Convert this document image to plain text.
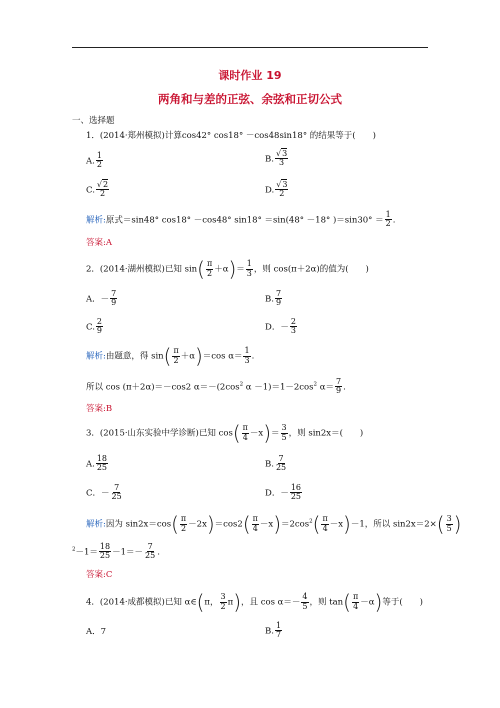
课时作业 19
两角和与差的正弦、余弦和正切公式
一、选择题
1．(2014·郑州模拟)计算cos42° cos18° －cos48sin18° 的结果等于(　　)
A. $\frac{1}{2}$	B. $\frac{√3}{3}$
C. $\frac{√2}{2}$	D. $\frac{√3}{2}$
解析:原式＝sin48° cos18° －cos48° sin18° ＝sin(48° －18° )$=\sin 30^\circ = \frac{1}{2}$ .
答案:A
2．(2014·湖州模拟)已知 $\sin( \frac{\pi}{2} +\alpha)= \frac{1}{3}$ ，则 cos(π＋2α)的值为(　　)
A．－ $\frac{7}{9}$	B. $\frac{7}{9}$
C. $\frac{2}{9}$	D．－ $\frac{2}{3}$
解析:由题意，得 $\sin( \frac{\pi}{2} +\alpha)=\cos$ $\alpha= \frac{1}{3}$ .
所以 cos (π＋2α)＝－cos2 $\alpha=-(2\cos^2$ $\alpha -1)=1-2\cos^2$ $\alpha= \frac{7}{9}$ .
答案:B
3．(2015·山东实验中学诊断)已知 $\cos( \frac{\pi}{4} -x)= \frac{3}{5}$ ，则 sin2x＝(　　)
A. $\frac{18}{25}$	B. $\frac{7}{25}$
C．－ $\frac{7}{25}$	D．－ $\frac{16}{25}$
解析:因为 $\sin 2x=\cos( \frac{\pi}{2} -2x)=\cos 2( \frac{\pi}{4} -x)=2\cos^2( \frac{\pi}{4} -x)-1$，所以 $\sin 2x=2\times( \frac{3}{5}$ )
$^2-1= \frac{18}{25} -1=- \frac{7}{25}$ .
答案:C
4．(2014·成都模拟)已知 α∈(π， $\frac{3}{2} \pi$)，且 $\cos \alpha=- \frac{4}{5}$ ，则 $\tan( \frac{\pi}{4} -\alpha)$等于(　　)
A．7	B. $\frac{1}{7}$
